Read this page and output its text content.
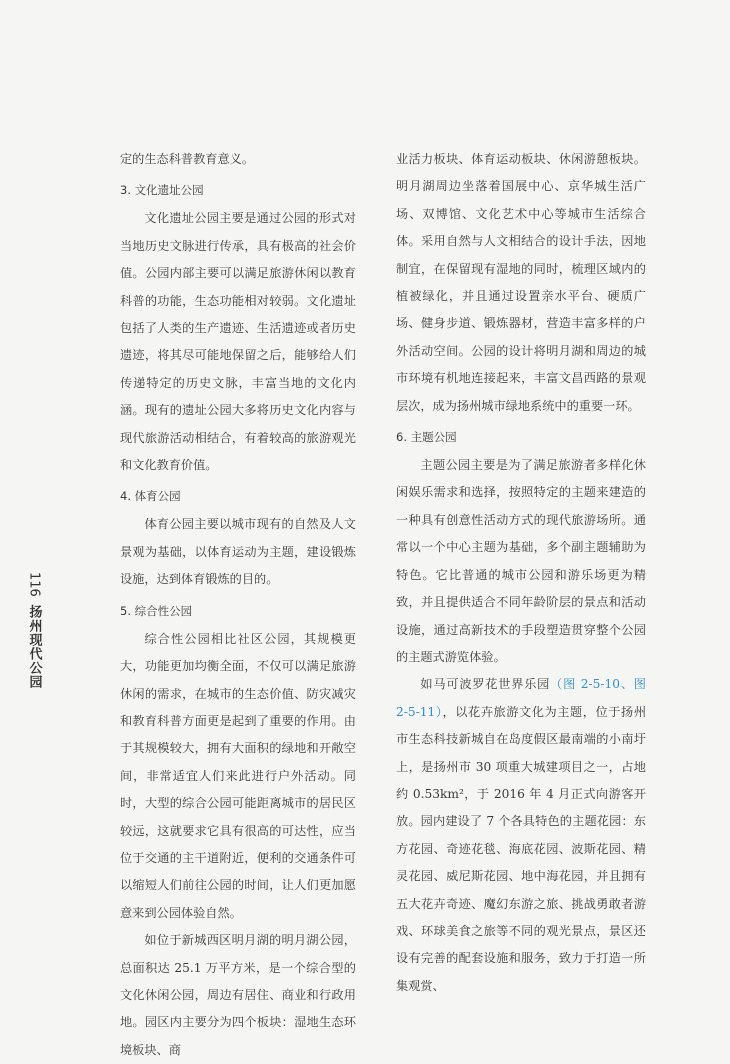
116
扬州现代公园

定的生态科普教育意义。

3. 文化遗址公园

文化遗址公园主要是通过公园的形式对当地历史文脉进行传承，具有极高的社会价值。公园内部主要可以满足旅游休闲以教育科普的功能，生态功能相对较弱。文化遗址包括了人类的生产遗迹、生活遗迹或者历史遗迹，将其尽可能地保留之后，能够给人们传递特定的历史文脉，丰富当地的文化内涵。现有的遗址公园大多将历史文化内容与现代旅游活动相结合，有着较高的旅游观光和文化教育价值。

4. 体育公园

体育公园主要以城市现有的自然及人文景观为基础，以体育运动为主题，建设锻炼设施，达到体育锻炼的目的。

5. 综合性公园

综合性公园相比社区公园，其规模更大，功能更加均衡全面，不仅可以满足旅游休闲的需求，在城市的生态价值、防灾减灾和教育科普方面更是起到了重要的作用。由于其规模较大，拥有大面积的绿地和开敞空间，非常适宜人们来此进行户外活动。同时，大型的综合公园可能距离城市的居民区较远，这就要求它具有很高的可达性，应当位于交通的主干道附近，便利的交通条件可以缩短人们前往公园的时间，让人们更加愿意来到公园体验自然。

如位于新城西区明月湖的明月湖公园，总面积达 25.1 万平方米，是一个综合型的文化休闲公园，周边有居住、商业和行政用地。园区内主要分为四个板块：湿地生态环境板块、商

业活力板块、体育运动板块、休闲游憩板块。明月湖周边坐落着国展中心、京华城生活广场、双博馆、文化艺术中心等城市生活综合体。采用自然与人文相结合的设计手法，因地制宜，在保留现有湿地的同时，梳理区域内的植被绿化，并且通过设置亲水平台、硬质广场、健身步道、锻炼器材，营造丰富多样的户外活动空间。公园的设计将明月湖和周边的城市环境有机地连接起来，丰富文昌西路的景观层次，成为扬州城市绿地系统中的重要一环。

6. 主题公园

主题公园主要是为了满足旅游者多样化休闲娱乐需求和选择，按照特定的主题来建造的一种具有创意性活动方式的现代旅游场所。通常以一个中心主题为基础，多个副主题辅助为特色。它比普通的城市公园和游乐场更为精致，并且提供适合不同年龄阶层的景点和活动设施，通过高新技术的手段塑造贯穿整个公园的主题式游览体验。

如马可波罗花世界乐园（图 2-5-10、图 2-5-11），以花卉旅游文化为主题，位于扬州市生态科技新城自在岛度假区最南端的小南圩上，是扬州市 30 项重大城建项目之一，占地约 0.53km²，于 2016 年 4 月正式向游客开放。园内建设了 7 个各具特色的主题花园：东方花园、奇迹花毯、海底花园、波斯花园、精灵花园、威尼斯花园、地中海花园，并且拥有五大花卉奇迹、魔幻东游之旅、挑战勇敢者游戏、环球美食之旅等不同的观光景点，景区还设有完善的配套设施和服务，致力于打造一所集观赏、
